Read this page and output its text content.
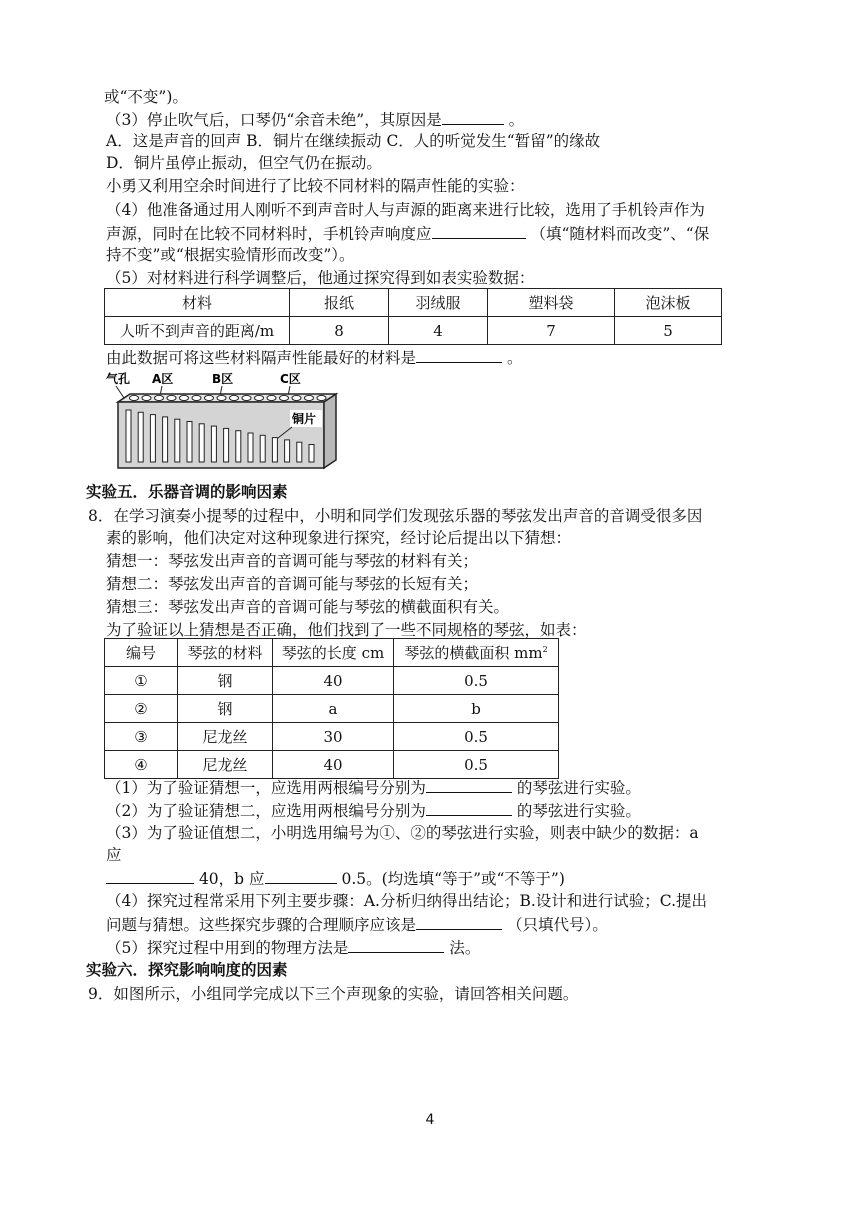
或“不变”)。
（3）停止吹气后，口琴仍“余音未绝”，其原因是	。
A．这是声音的回声 B．铜片在继续振动 C．人的听觉发生“暂留”的缘故
D．铜片虽停止振动，但空气仍在振动。
小勇又利用空余时间进行了比较不同材料的隔声性能的实验：
（4）他准备通过用人刚听不到声音时人与声源的距离来进行比较，选用了手机铃声作为
声源，同时在比较不同材料时，手机铃声响度应	（填“随材料而改变”、“保
持不变”或“根据实验情形而改变”）。
（5）对材料进行科学调整后，他通过探究得到如表实验数据：
材料	报纸	羽绒服	塑料袋	泡沫板
人听不到声音的距离/m	8	4	7	5
由此数据可将这些材料隔声性能最好的材料是	。
气孔 A区	B区	C区
铜片
实验五．乐器音调的影响因素
8．在学习演奏小提琴的过程中，小明和同学们发现弦乐器的琴弦发出声音的音调受很多因
素的影响，他们决定对这种现象进行探究，经讨论后提出以下猜想：
猜想一：琴弦发出声音的音调可能与琴弦的材料有关；
猜想二：琴弦发出声音的音调可能与琴弦的长短有关；
猜想三：琴弦发出声音的音调可能与琴弦的横截面积有关。
为了验证以上猜想是否正确，他们找到了一些不同规格的琴弦，如表：
编号	琴弦的材料	琴弦的长度 cm	琴弦的横截面积 $mm^2$
①	钢	40	0.5
②	钢	a	b
③	尼龙丝	30	0.5
④	尼龙丝	40	0.5
（1）为了验证猜想一，应选用两根编号分别为	的琴弦进行实验。
（2）为了验证猜想二，应选用两根编号分别为	的琴弦进行实验。
（3）为了验证值想二，小明选用编号为①、②的琴弦进行实验，则表中缺少的数据：a
应
40，b 应	0.5。(均选填“等于”或“不等于”)
（4）探究过程常采用下列主要步骤：A.分析归纳得出结论；B.设计和进行试验；C.提出
问题与猜想。这些探究步骤的合理顺序应该是	（只填代号）。
（5）探究过程中用到的物理方法是	法。
实验六．探究影响响度的因素
9．如图所示，小组同学完成以下三个声现象的实验，请回答相关问题。
4
